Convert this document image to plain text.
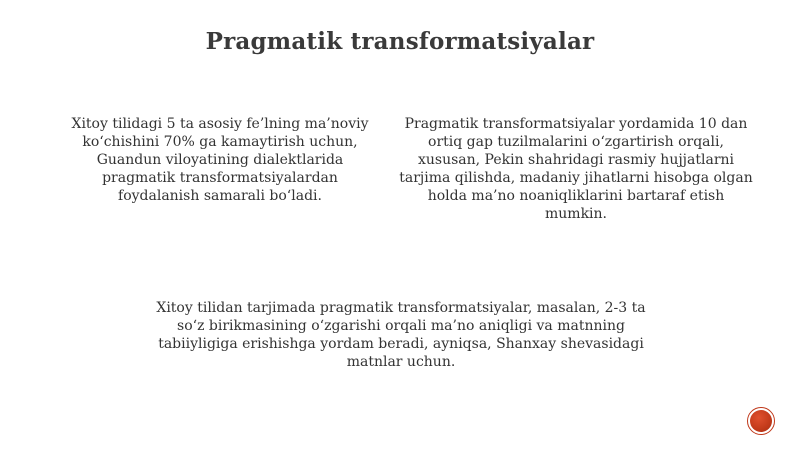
Pragmatik transformatsiyalar
Xitoy tilidagi 5 ta asosiy fe’lning ma’noviy ko‘chishini 70% ga kamaytirish uchun, Guandun viloyatining dialektlarida pragmatik transformatsiyalardan foydalanish samarali bo‘ladi.
Pragmatik transformatsiyalar yordamida 10 dan ortiq gap tuzilmalarini o‘zgartirish orqali, xususan, Pekin shahridagi rasmiy hujjatlarni tarjima qilishda, madaniy jihatlarni hisobga olgan holda ma’no noaniqliklarini bartaraf etish mumkin.
Xitoy tilidan tarjimada pragmatik transformatsiyalar, masalan, 2-3 ta so‘z birikmasining o‘zgarishi orqali ma’no aniqligi va matnning tabiiyligiga erishishga yordam beradi, ayniqsa, Shanxay shevasidagi matnlar uchun.
